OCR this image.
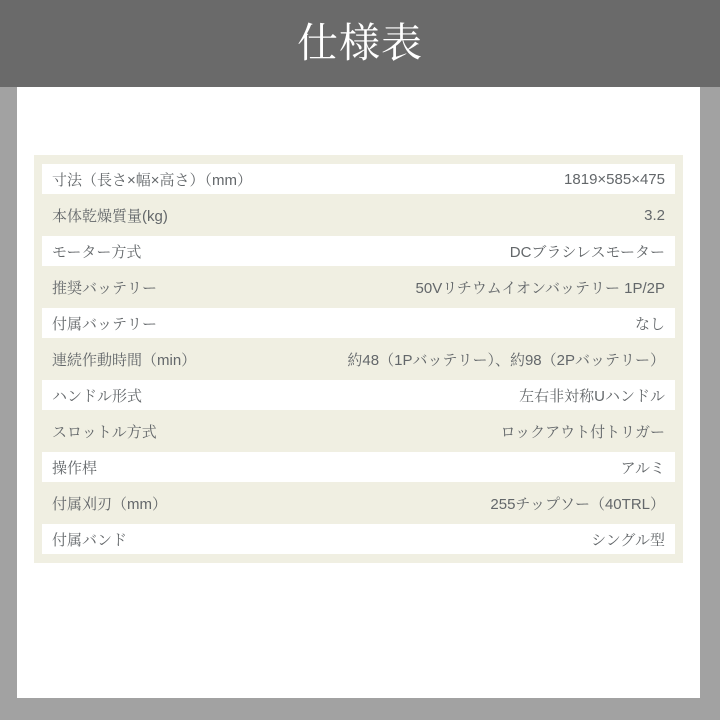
仕様表
寸法（長さ×幅×高さ）（mm）	1819×585×475
本体乾燥質量(kg)	3.2
モーター方式	DCブラシレスモーター
推奨バッテリー	50Vリチウムイオンバッテリー 1P/2P
付属バッテリー	なし
連続作動時間（min）	約48（1Pバッテリー）、約98（2Pバッテリー）
ハンドル形式	左右非対称Uハンドル
スロットル方式	ロックアウト付トリガー
操作桿	アルミ
付属刈刃（mm）	255チップソー（40TRL）
付属バンド	シングル型
